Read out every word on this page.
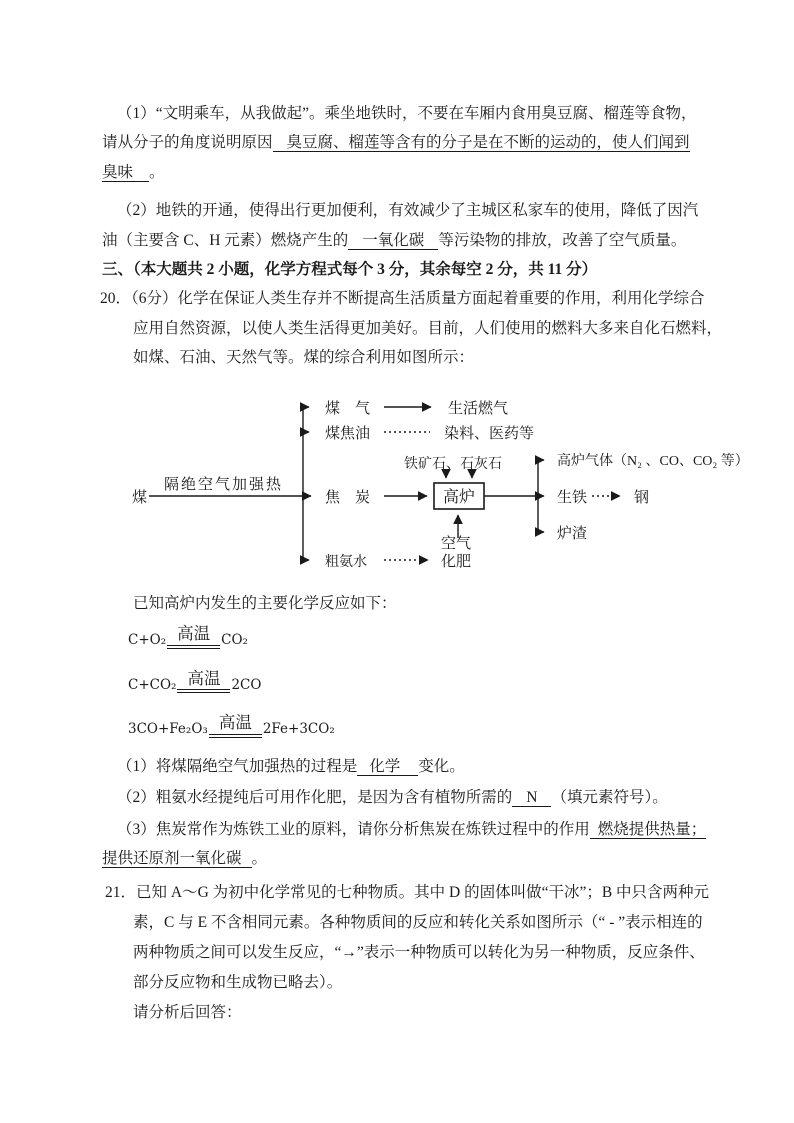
（1）“文明乘车，从我做起”。乘坐地铁时，不要在车厢内食用臭豆腐、榴莲等食物，
请从分子的角度说明原因 臭豆腐、榴莲等含有的分子是在不断的运动的，使人们闻到
臭味 。
（2）地铁的开通，使得出行更加便利，有效减少了主城区私家车的使用，降低了因汽
油（主要含 C、H 元素）燃烧产生的 一氧化碳 等污染物的排放，改善了空气质量。
三、（本大题共 2 小题，化学方程式每个 3 分，其余每空 2 分，共 11 分）
20．（6分）化学在保证人类生存并不断提高生活质量方面起着重要的作用，利用化学综合
应用自然资源，以使人类生活得更加美好。目前，人们使用的燃料大多来自化石燃料，
如煤、石油、天然气等。煤的综合利用如图所示：
煤
隔绝空气加强热
煤　气	生活燃气
煤焦油	染料、医药等
焦　炭	高炉
铁矿石、石灰石
空气
高炉气体（N₂ 、CO、CO₂ 等）
生铁	钢
炉渣
粗氨水	化肥
已知高炉内发生的主要化学反应如下：
C+O₂ 高温 CO₂
C+CO₂ 高温 2CO
3CO+Fe₂O₃ 高温 2Fe+3CO₂
（1）将煤隔绝空气加强热的过程是 化学 变化。
（2）粗氨水经提纯后可用作化肥，是因为含有植物所需的 N （填元素符号）。
（3）焦炭常作为炼铁工业的原料，请你分析焦炭在炼铁过程中的作用 燃烧提供热量；
提供还原剂一氧化碳 。
21．已知 A～G 为初中化学常见的七种物质。其中 D 的固体叫做“干冰”；B 中只含两种元
素，C 与 E 不含相同元素。各种物质间的反应和转化关系如图所示（“ - ”表示相连的
两种物质之间可以发生反应，“→”表示一种物质可以转化为另一种物质，反应条件、
部分反应物和生成物已略去）。
请分析后回答：
